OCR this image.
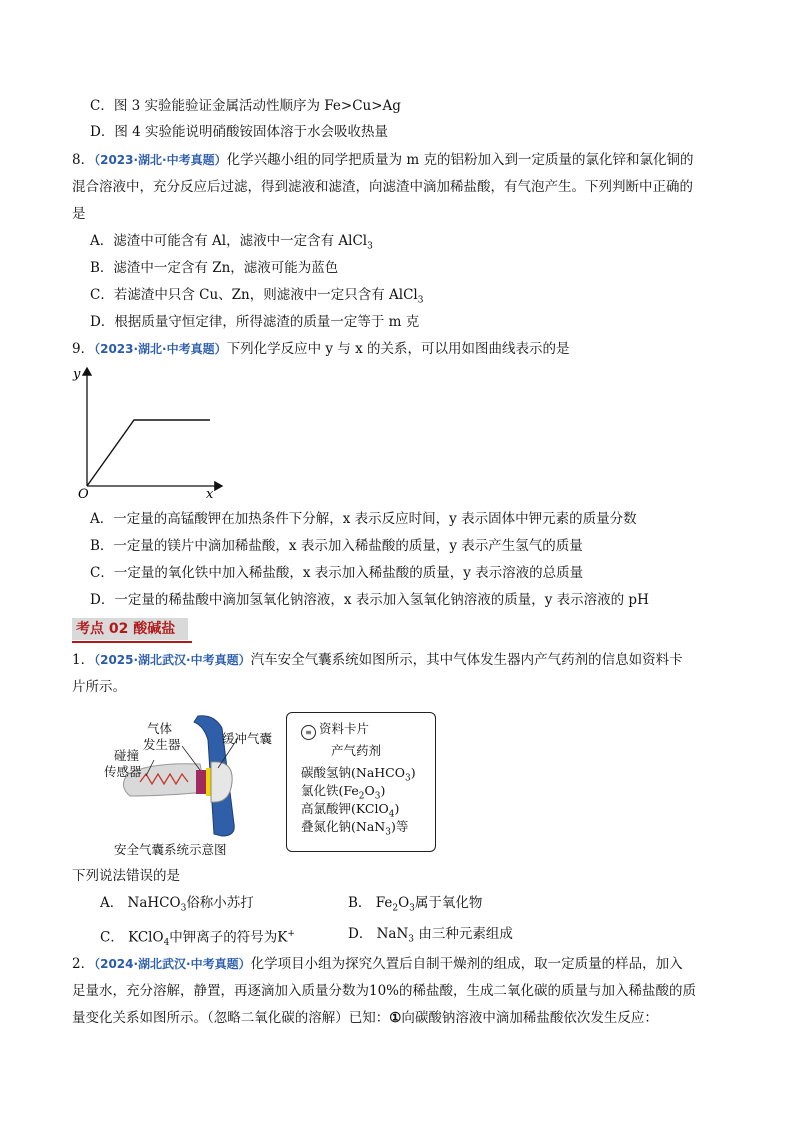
C．图 3 实验能验证金属活动性顺序为 Fe>Cu>Ag
D．图 4 实验能说明硝酸铵固体溶于水会吸收热量
8．（2023·湖北·中考真题）化学兴趣小组的同学把质量为 m 克的铝粉加入到一定质量的氯化锌和氯化铜的
混合溶液中，充分反应后过滤，得到滤液和滤渣，向滤渣中滴加稀盐酸，有气泡产生。下列判断中正确的
是
A．滤渣中可能含有 Al，滤液中一定含有 AlCl$_3$
B．滤渣中一定含有 Zn，滤液可能为蓝色
C．若滤渣中只含 Cu、Zn，则滤液中一定只含有 AlCl$_3$
D．根据质量守恒定律，所得滤渣的质量一定等于 m 克
9．（2023·湖北·中考真题）下列化学反应中 y 与 x 的关系，可以用如图曲线表示的是
y
x
O
A．一定量的高锰酸钾在加热条件下分解，x 表示反应时间，y 表示固体中钾元素的质量分数
B．一定量的镁片中滴加稀盐酸，x 表示加入稀盐酸的质量，y 表示产生氢气的质量
C．一定量的氧化铁中加入稀盐酸，x 表示加入稀盐酸的质量，y 表示溶液的总质量
D．一定量的稀盐酸中滴加氢氧化钠溶液，x 表示加入氢氧化钠溶液的质量，y 表示溶液的 pH
考点 02 酸碱盐
1．（2025·湖北武汉·中考真题）汽车安全气囊系统如图所示，其中气体发生器内产气药剂的信息如资料卡
片所示。
气体
发生器	缓冲气囊
碰撞
传感器
安全气囊系统示意图
≡ 资料卡片
产气药剂
碳酸氢钠(NaHCO$_3$)
氯化铁$(Fe_2O_3)$
高氯酸钾(KClO$_4$)
叠氮化钠(NaN$_3$)等
下列说法错误的是
A． NaHCO$_3$俗称小苏打	B． $Fe_2O_3$属于氧化物
C． KClO$_4$中钾离子的符号为K+	D． NaN$_3$ 由三种元素组成
2．（2024·湖北武汉·中考真题）化学项目小组为探究久置后自制干燥剂的组成，取一定质量的样品，加入
足量水，充分溶解，静置，再逐滴加入质量分数为10%的稀盐酸，生成二氧化碳的质量与加入稀盐酸的质
量变化关系如图所示。（忽略二氧化碳的溶解）已知：①向碳酸钠溶液中滴加稀盐酸依次发生反应：
